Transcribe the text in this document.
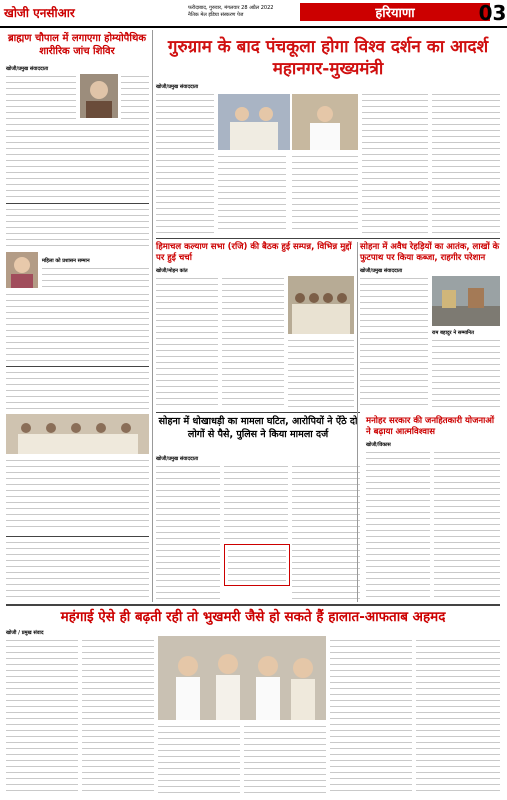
खोजी एनसीआर	फरीदाबाद, गुरुवार, मंगलवार 28 अप्रैल 2022
नैतिक मेल इंडिया संस्करण पेज	हरियाणा	03
ब्राह्मण चौपाल में लगाएगा होम्योपैथिक शारीरिक जांच शिविर
खोजी/प्रमुख संवाददाता
महिला को प्रशासन सम्मान
गुरुग्राम के बाद पंचकूला होगा विश्व दर्शन का आदर्श महानगर-मुख्यमंत्री
खोजी/प्रमुख संवाददाता
हिमाचल कल्याण सभा (रजि) की बैठक हुई सम्पन्न, विभिन्न मुद्दों पर हुई चर्चा
खोजी/मोहन कांत
सोहना में अवैध रेहड़ियों का आतंक, लाखों के फुटपाथ पर किया कब्जा, राहगीर परेशान
खोजी/प्रमुख संवाददाता
राम बहादुर ने सम्मानित
सोहना में धोखाधड़ी का मामला घटित, आरोपियों ने ऐंठे दो लोगों से पैसे, पुलिस ने किया मामला दर्ज
खोजी/प्रमुख संवाददाता
मनोहर सरकार की जनहितकारी योजनाओं ने बढ़ाया आत्मविश्वास
खोजी/विकास
महंगाई ऐसे ही बढ़ती रही तो भुखमरी जैसे हो सकते हैं हालात-आफताब अहमद
खोजी / प्रमुख संवाद
